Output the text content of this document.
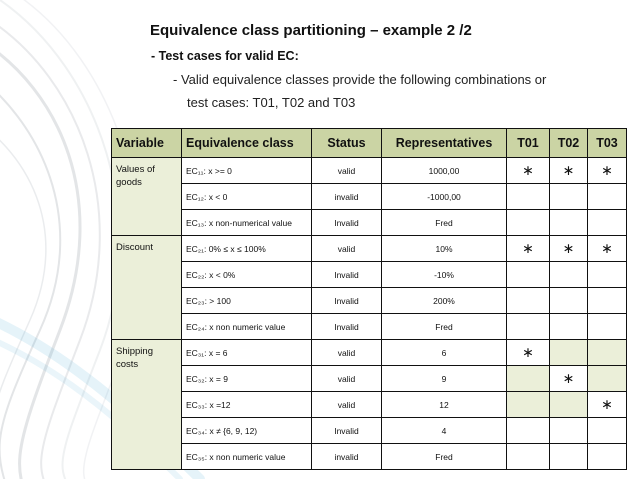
Equivalence class partitioning – example 2 /2
- Test cases for valid EC:
- Valid equivalence classes provide the following combinations or
test cases: T01, T02 and T03
Variable	Equivalence class	Status	Representatives	T01	T02	T03
Values of goods	EC₁₁: x >= 0	valid	1000,00	∗	∗	∗
	EC₁₂: x < 0	invalid	-1000,00			
	EC₁₃: x non-numerical value	Invalid	Fred			
Discount	EC₂₁: 0% ≤ x ≤ 100%	valid	10%	∗	∗	∗
	EC₂₂: x < 0%	Invalid	-10%			
	EC₂₃: > 100	Invalid	200%			
	EC₂₄: x non numeric value	Invalid	Fred			
Shipping costs	EC₃₁: x = 6	valid	6	∗		
	EC₃₂: x = 9	valid	9		∗	
	EC₃₃: x =12	valid	12			∗
	EC₃₄: x ≠ {6, 9, 12)	Invalid	4			
	EC₃₅: x non numeric value	invalid	Fred			
